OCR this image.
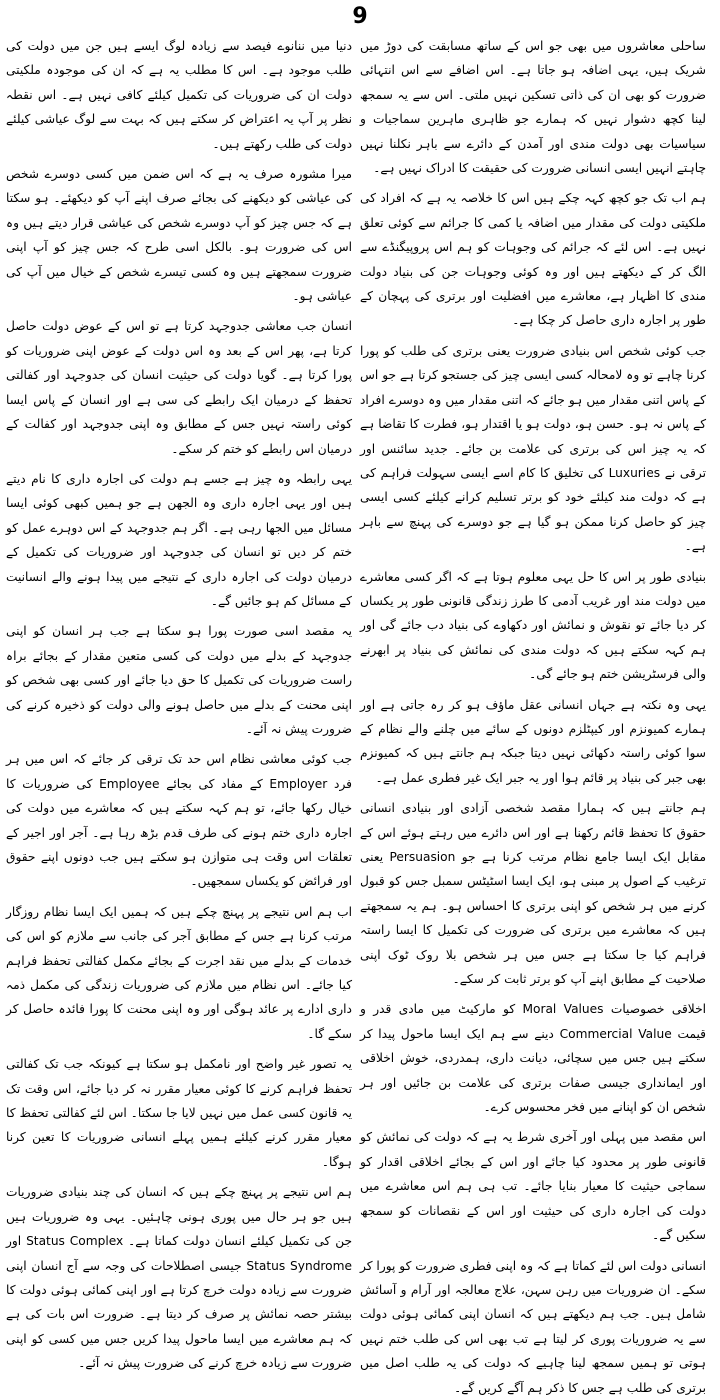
9

دنیا میں ننانوے فیصد سے زیادہ لوگ ایسے ہیں جن میں دولت کی طلب موجود ہے۔ اس کا مطلب یہ ہے کہ ان کی موجودہ ملکیتی دولت ان کی ضروریات کی تکمیل کیلئے کافی نہیں ہے۔ اس نقطہ نظر پر آپ یہ اعتراض کر سکتے ہیں کہ بہت سے لوگ عیاشی کیلئے دولت کی طلب رکھتے ہیں۔

میرا مشورہ صرف یہ ہے کہ اس ضمن میں کسی دوسرے شخص کی عیاشی کو دیکھنے کی بجائے صرف اپنے آپ کو دیکھئے۔ ہو سکتا ہے کہ جس چیز کو آپ دوسرے شخص کی عیاشی قرار دیتے ہیں وہ اس کی ضرورت ہو۔ بالکل اسی طرح کہ جس چیز کو آپ اپنی ضرورت سمجھتے ہیں وہ کسی تیسرے شخص کے خیال میں آپ کی عیاشی ہو۔

انسان جب معاشی جدوجہد کرتا ہے تو اس کے عوض دولت حاصل کرتا ہے، پھر اس کے بعد وہ اس دولت کے عوض اپنی ضروریات کو پورا کرتا ہے۔ گویا دولت کی حیثیت انسان کی جدوجہد اور کفالتی تحفظ کے درمیان ایک رابطے کی سی ہے اور انسان کے پاس ایسا کوئی راستہ نہیں جس کے مطابق وہ اپنی جدوجہد اور کفالت کے درمیان اس رابطے کو ختم کر سکے۔

یہی رابطہ وہ چیز ہے جسے ہم دولت کی اجارہ داری کا نام دیتے ہیں اور یہی اجارہ داری وہ الجھن ہے جو ہمیں کبھی کوئی ایسا مسائل میں الجھا رہی ہے۔ اگر ہم جدوجہد کے اس دوہرے عمل کو ختم کر دیں تو انسان کی جدوجہد اور ضروریات کی تکمیل کے درمیان دولت کی اجارہ داری کے نتیجے میں پیدا ہونے والے انسانیت کے مسائل کم ہو جائیں گے۔

یہ مقصد اسی صورت پورا ہو سکتا ہے جب ہر انسان کو اپنی جدوجہد کے بدلے میں دولت کی کسی متعین مقدار کے بجائے براہ راست ضروریات کی تکمیل کا حق دیا جائے اور کسی بھی شخص کو اپنی محنت کے بدلے میں حاصل ہونے والی دولت کو ذخیرہ کرنے کی ضرورت پیش نہ آئے۔

جب کوئی معاشی نظام اس حد تک ترقی کر جائے کہ اس میں ہر فرد Employer کے مفاد کی بجائے Employee کی ضروریات کا خیال رکھا جائے، تو ہم کہہ سکتے ہیں کہ معاشرے میں دولت کی اجارہ داری ختم ہونے کی طرف قدم بڑھ رہا ہے۔ آجر اور اجیر کے تعلقات اس وقت ہی متوازن ہو سکتے ہیں جب دونوں اپنے حقوق اور فرائض کو یکساں سمجھیں۔

اب ہم اس نتیجے پر پہنچ چکے ہیں کہ ہمیں ایک ایسا نظام روزگار مرتب کرنا ہے جس کے مطابق آجر کی جانب سے ملازم کو اس کی خدمات کے بدلے میں نقد اجرت کے بجائے مکمل کفالتی تحفظ فراہم کیا جائے۔ اس نظام میں ملازم کی ضروریات زندگی کی مکمل ذمہ داری ادارے پر عائد ہوگی اور وہ اپنی محنت کا پورا فائدہ حاصل کر سکے گا۔

یہ تصور غیر واضح اور نامکمل ہو سکتا ہے کیونکہ جب تک کفالتی تحفظ فراہم کرنے کا کوئی معیار مقرر نہ کر دیا جائے، اس وقت تک یہ قانون کسی عمل میں نہیں لایا جا سکتا۔ اس لئے کفالتی تحفظ کا معیار مقرر کرنے کیلئے ہمیں پہلے انسانی ضروریات کا تعین کرنا ہوگا۔

ہم اس نتیجے پر پہنچ چکے ہیں کہ انسان کی چند بنیادی ضروریات ہیں جو ہر حال میں پوری ہونی چاہئیں۔ یہی وہ ضروریات ہیں جن کی تکمیل کیلئے انسان دولت کماتا ہے۔ Status Complex اور Status Syndrome جیسی اصطلاحات کی وجہ سے آج انسان اپنی ضرورت سے زیادہ دولت خرچ کرتا ہے اور اپنی کمائی ہوئی دولت کا بیشتر حصہ نمائش پر صرف کر دیتا ہے۔ ضرورت اس بات کی ہے کہ ہم معاشرے میں ایسا ماحول پیدا کریں جس میں کسی کو اپنی ضرورت سے زیادہ خرچ کرنے کی ضرورت پیش نہ آئے۔

ساحلی معاشروں میں بھی جو اس کے ساتھ مسابقت کی دوڑ میں شریک ہیں، یہی اضافہ ہو جاتا ہے۔ اس اضافے سے اس انتہائی ضرورت کو بھی ان کی ذاتی تسکین نہیں ملتی۔ اس سے یہ سمجھ لینا کچھ دشوار نہیں کہ ہمارے جو ظاہری ماہرین سماجیات و سیاسیات بھی دولت مندی اور آمدن کے دائرے سے باہر نکلنا نہیں چاہتے انہیں ایسی انسانی ضرورت کی حقیقت کا ادراک نہیں ہے۔

ہم اب تک جو کچھ کہہ چکے ہیں اس کا خلاصہ یہ ہے کہ افراد کی ملکیتی دولت کی مقدار میں اضافہ یا کمی کا جرائم سے کوئی تعلق نہیں ہے۔ اس لئے کہ جرائم کی وجوہات کو ہم اس پروپیگنڈے سے الگ کر کے دیکھتے ہیں اور وہ کوئی وجوہات جن کی بنیاد دولت مندی کا اظہار ہے، معاشرے میں افضلیت اور برتری کی پہچان کے طور پر اجارہ داری حاصل کر چکا ہے۔

جب کوئی شخص اس بنیادی ضرورت یعنی برتری کی طلب کو پورا کرنا چاہے تو وہ لامحالہ کسی ایسی چیز کی جستجو کرتا ہے جو اس کے پاس اتنی مقدار میں ہو جائے کہ اتنی مقدار میں وہ دوسرے افراد کے پاس نہ ہو۔ حسن ہو، دولت ہو یا اقتدار ہو، فطرت کا تقاضا ہے کہ یہ چیز اس کی برتری کی علامت بن جائے۔ جدید سائنس اور ترقی نے Luxuries کی تخلیق کا کام اسے ایسی سہولت فراہم کی ہے کہ دولت مند کیلئے خود کو برتر تسلیم کرانے کیلئے کسی ایسی چیز کو حاصل کرنا ممکن ہو گیا ہے جو دوسرے کی پہنچ سے باہر ہے۔

بنیادی طور پر اس کا حل یہی معلوم ہوتا ہے کہ اگر کسی معاشرے میں دولت مند اور غریب آدمی کا طرز زندگی قانونی طور پر یکساں کر دیا جائے تو نقوش و نمائش اور دکھاوے کی بنیاد دب جائے گی اور ہم کہہ سکتے ہیں کہ دولت مندی کی نمائش کی بنیاد پر ابھرنے والی فرسٹریشن ختم ہو جائے گی۔

یہی وہ نکتہ ہے جہاں انسانی عقل ماؤف ہو کر رہ جاتی ہے اور ہمارے کمیونزم اور کیپٹلزم دونوں کے سائے میں چلنے والے نظام کے سوا کوئی راستہ دکھائی نہیں دیتا جبکہ ہم جانتے ہیں کہ کمیونزم بھی جبر کی بنیاد پر قائم ہوا اور یہ جبر ایک غیر فطری عمل ہے۔

ہم جانتے ہیں کہ ہمارا مقصد شخصی آزادی اور بنیادی انسانی حقوق کا تحفظ قائم رکھنا ہے اور اس دائرے میں رہتے ہوئے اس کے مقابل ایک ایسا جامع نظام مرتب کرنا ہے جو Persuasion یعنی ترغیب کے اصول پر مبنی ہو، ایک ایسا اسٹیٹس سمبل جس کو قبول کرنے میں ہر شخص کو اپنی برتری کا احساس ہو۔ ہم یہ سمجھتے ہیں کہ معاشرے میں برتری کی ضرورت کی تکمیل کا ایسا راستہ فراہم کیا جا سکتا ہے جس میں ہر شخص بلا روک ٹوک اپنی صلاحیت کے مطابق اپنے آپ کو برتر ثابت کر سکے۔

اخلاقی خصوصیات Moral Values کو مارکیٹ میں مادی قدر و قیمت Commercial Value دینے سے ہم ایک ایسا ماحول پیدا کر سکتے ہیں جس میں سچائی، دیانت داری، ہمدردی، خوش اخلاقی اور ایمانداری جیسی صفات برتری کی علامت بن جائیں اور ہر شخص ان کو اپنانے میں فخر محسوس کرے۔

اس مقصد میں پہلی اور آخری شرط یہ ہے کہ دولت کی نمائش کو قانونی طور پر محدود کیا جائے اور اس کے بجائے اخلاقی اقدار کو سماجی حیثیت کا معیار بنایا جائے۔ تب ہی ہم اس معاشرے میں دولت کی اجارہ داری کی حیثیت اور اس کے نقصانات کو سمجھ سکیں گے۔

انسانی دولت اس لئے کماتا ہے کہ وہ اپنی فطری ضرورت کو پورا کر سکے۔ ان ضروریات میں رہن سہن، علاج معالجہ اور آرام و آسائش شامل ہیں۔ جب ہم دیکھتے ہیں کہ انسان اپنی کمائی ہوئی دولت سے یہ ضروریات پوری کر لیتا ہے تب بھی اس کی طلب ختم نہیں ہوتی تو ہمیں سمجھ لینا چاہیے کہ دولت کی یہ طلب اصل میں برتری کی طلب ہے جس کا ذکر ہم آگے کریں گے۔
